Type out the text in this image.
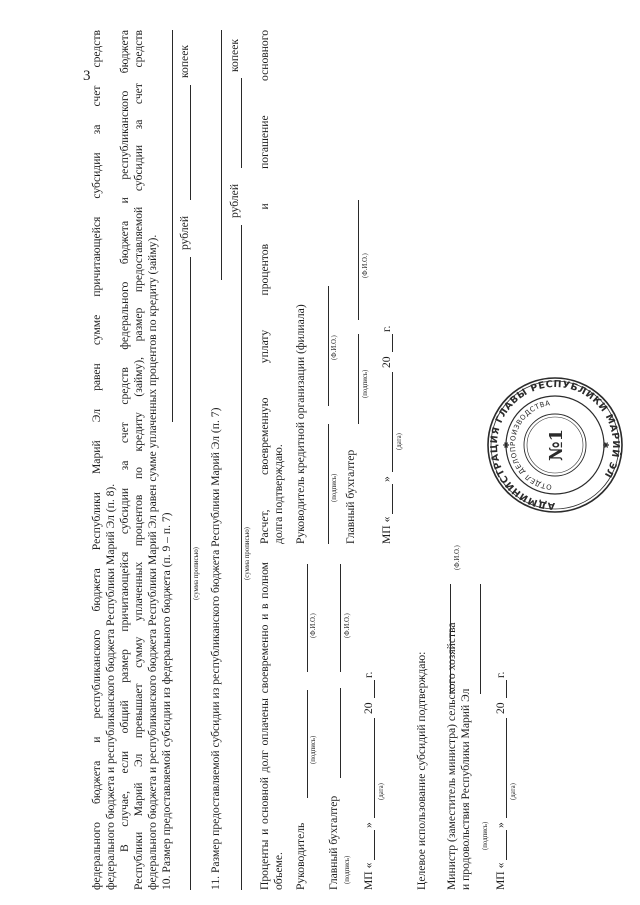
3 федерального бюджета и республиканского бюджета Республики Марий Эл равен сумме причитающейся субсидии за счет средств федерального бюджета и республиканского бюджета Республики Марий Эл (п. 8). В случае, если общий размер причитающейся субсидии за счет средств федерального бюджета и республиканского бюджета Республики Марий Эл превышает сумму уплаченных процентов по кредиту (займу), размер предоставляемой субсидии за счет средств федерального бюджета и республиканского бюджета Республики Марий Эл равен сумме уплаченных процентов по кредиту (займу). 10. Размер предоставляемой субсидии из федерального бюджета (п. 9 – п. 7)
рублей
копеек
(сумма прописью) 11. Размер предоставляемой субсидии из республиканского бюджета Республики Марий Эл (п. 7)
рублей
копеек
(сумма прописью)
Проценты и основной долг оплачены своевременно и в полном объеме. Руководитель
(подпись)
(Ф.И.О.)
Главный бухгалтер (подпись)
(Ф.И.О.)
МП «
»
20
г.
(дата)
Расчет, своевременную уплату процентов и погашение основного долга подтверждаю. Руководитель кредитной организации (филиала)	(подпись)
(Ф.И.О.)
Главный бухгалтер
(подпись)
(Ф.И.О.)
МП «
»
20
г.
(дата)
Целевое использование субсидий подтверждаю: Министр (заместитель министра) сельского хозяйства и продовольствия Республики Марий Эл
(Ф.И.О.)
МП «
»
20
г.
(подпись)
(дата)
АДМИНИСТРАЦИЯ ГЛАВЫ РЕСПУБЛИКИ МАРИЙ ЭЛ
ОТДЕЛ ДЕЛОПРОИЗВОДСТВА
№1	✱
✱
